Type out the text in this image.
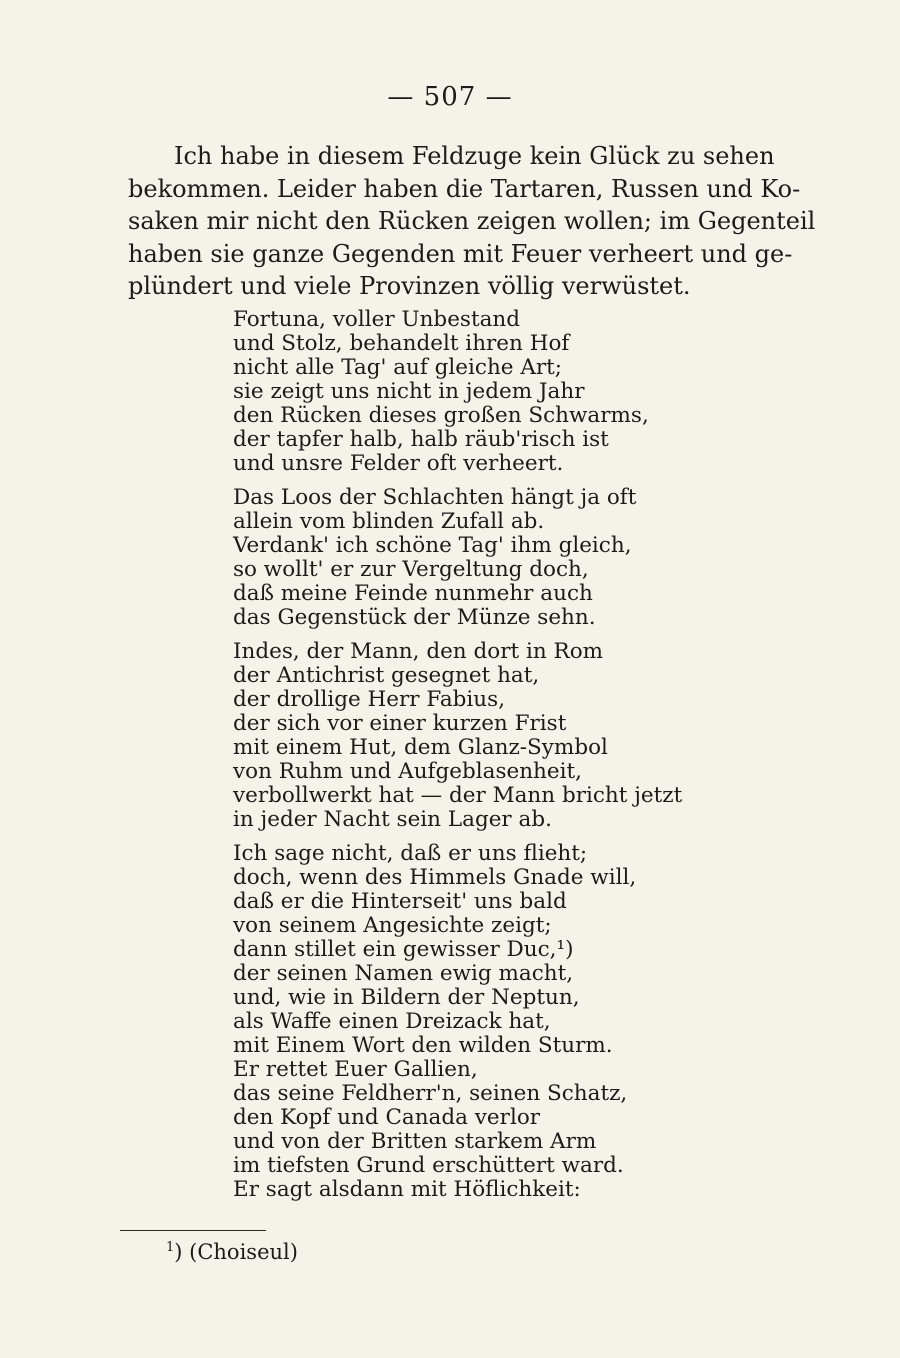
— 507 —
Ich habe in diesem Feldzuge kein Glück zu sehen
bekommen. Leider haben die Tartaren, Russen und Ko-
saken mir nicht den Rücken zeigen wollen; im Gegenteil
haben sie ganze Gegenden mit Feuer verheert und ge-
plündert und viele Provinzen völlig verwüstet.
Fortuna, voller Unbestand
und Stolz, behandelt ihren Hof
nicht alle Tag' auf gleiche Art;
sie zeigt uns nicht in jedem Jahr
den Rücken dieses großen Schwarms,
der tapfer halb, halb räub'risch ist
und unsre Felder oft verheert.
Das Loos der Schlachten hängt ja oft
allein vom blinden Zufall ab.
Verdank' ich schöne Tag' ihm gleich,
so wollt' er zur Vergeltung doch,
daß meine Feinde nunmehr auch
das Gegenstück der Münze sehn.
Indes, der Mann, den dort in Rom
der Antichrist gesegnet hat,
der drollige Herr Fabius,
der sich vor einer kurzen Frist
mit einem Hut, dem Glanz-Symbol
von Ruhm und Aufgeblasenheit,
verbollwerkt hat — der Mann bricht jetzt
in jeder Nacht sein Lager ab.
Ich sage nicht, daß er uns flieht;
doch, wenn des Himmels Gnade will,
daß er die Hinterseit' uns bald
von seinem Angesichte zeigt;
dann stillet ein gewisser Duc,¹)
der seinen Namen ewig macht,
und, wie in Bildern der Neptun,
als Waffe einen Dreizack hat,
mit Einem Wort den wilden Sturm.
Er rettet Euer Gallien,
das seine Feldherr'n, seinen Schatz,
den Kopf und Canada verlor
und von der Britten starkem Arm
im tiefsten Grund erschüttert ward.
Er sagt alsdann mit Höflichkeit:
$^1$) (Choiseul)
